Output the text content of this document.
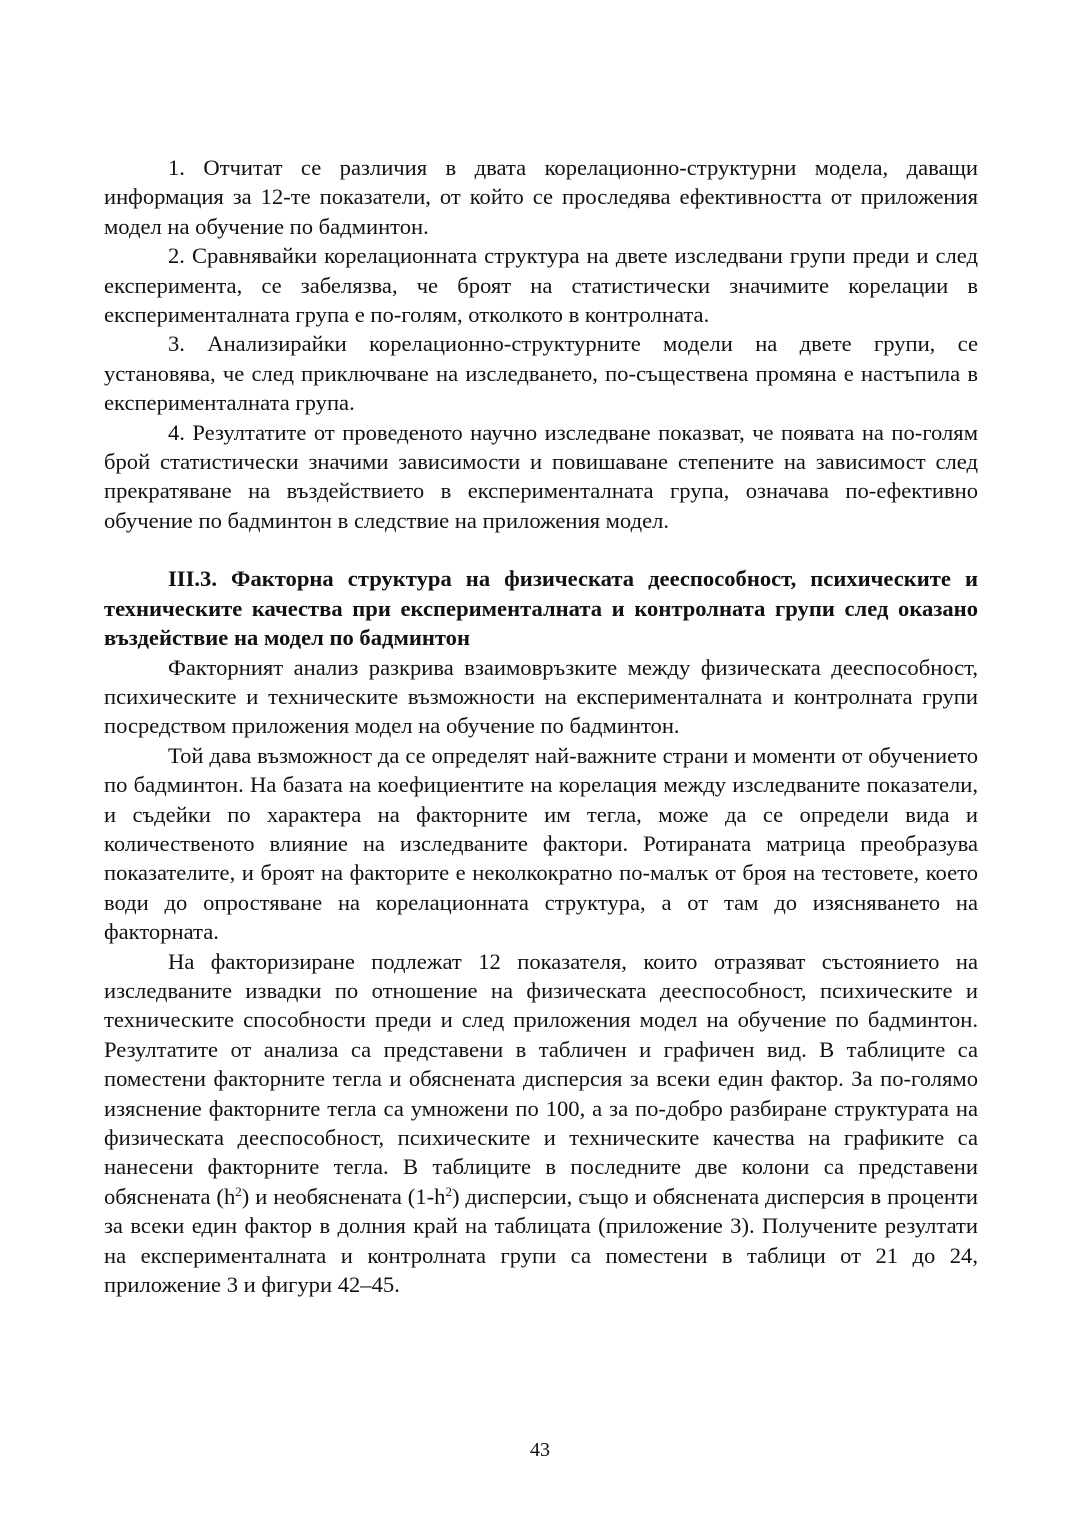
1. Отчитат се различия в двата корелационно-структурни модела, даващи информация за 12-те показатели, от който се проследява ефективността от приложения модел на обучение по бадминтон.

2. Сравнявайки корелационната структура на двете изследвани групи преди и след експеримента, се забелязва, че броят на статистически значимите корелации в експерименталната група е по-голям, отколкото в контролната.

3. Анализирайки корелационно-структурните модели на двете групи, се установява, че след приключване на изследването, по-съществена промяна е настъпила в експерименталната група.

4. Резултатите от проведеното научно изследване показват, че появата на по-голям брой статистически значими зависимости и повишаване степените на зависимост след прекратяване на въздействието в експерименталната група, означава по-ефективно обучение по бадминтон в следствие на приложения модел.

III.3. Факторна структура на физическата дееспособност, психическите и техническите качества при експерименталната и контролната групи след оказано въздействие на модел по бадминтон

Факторният анализ разкрива взаимовръзките между физическата дееспособност, психическите и техническите възможности на експерименталната и контролната групи посредством приложения модел на обучение по бадминтон.

Той дава възможност да се определят най-важните страни и моменти от обучението по бадминтон. На базата на коефициентите на корелация между изследваните показатели, и съдейки по характера на факторните им тегла, може да се определи вида и количественото влияние на изследваните фактори. Ротираната матрица преобразува показателите, и броят на факторите е неколкократно по-малък от броя на тестовете, което води до опростяване на корелационната структура, а от там до изясняването на факторната.

На факторизиране подлежат 12 показателя, които отразяват състоянието на изследваните извадки по отношение на физическата дееспособност, психическите и техническите способности преди и след приложения модел на обучение по бадминтон. Резултатите от анализа са представени в табличен и графичен вид. В таблиците са поместени факторните тегла и обяснената дисперсия за всеки един фактор. За по-голямо изяснение факторните тегла са умножени по 100, а за по-добро разбиране структурата на физическата дееспособност, психическите и техническите качества на графиките са нанесени факторните тегла. В таблиците в последните две колони са представени обяснената $(h^2)$ и необяснената $(1-h^2)$ дисперсии, също и обяснената дисперсия в проценти за всеки един фактор в долния край на таблицата (приложение 3). Получените резултати на експерименталната и контролната групи са поместени в таблици от 21 до 24, приложение 3 и фигури 42–45.

43
